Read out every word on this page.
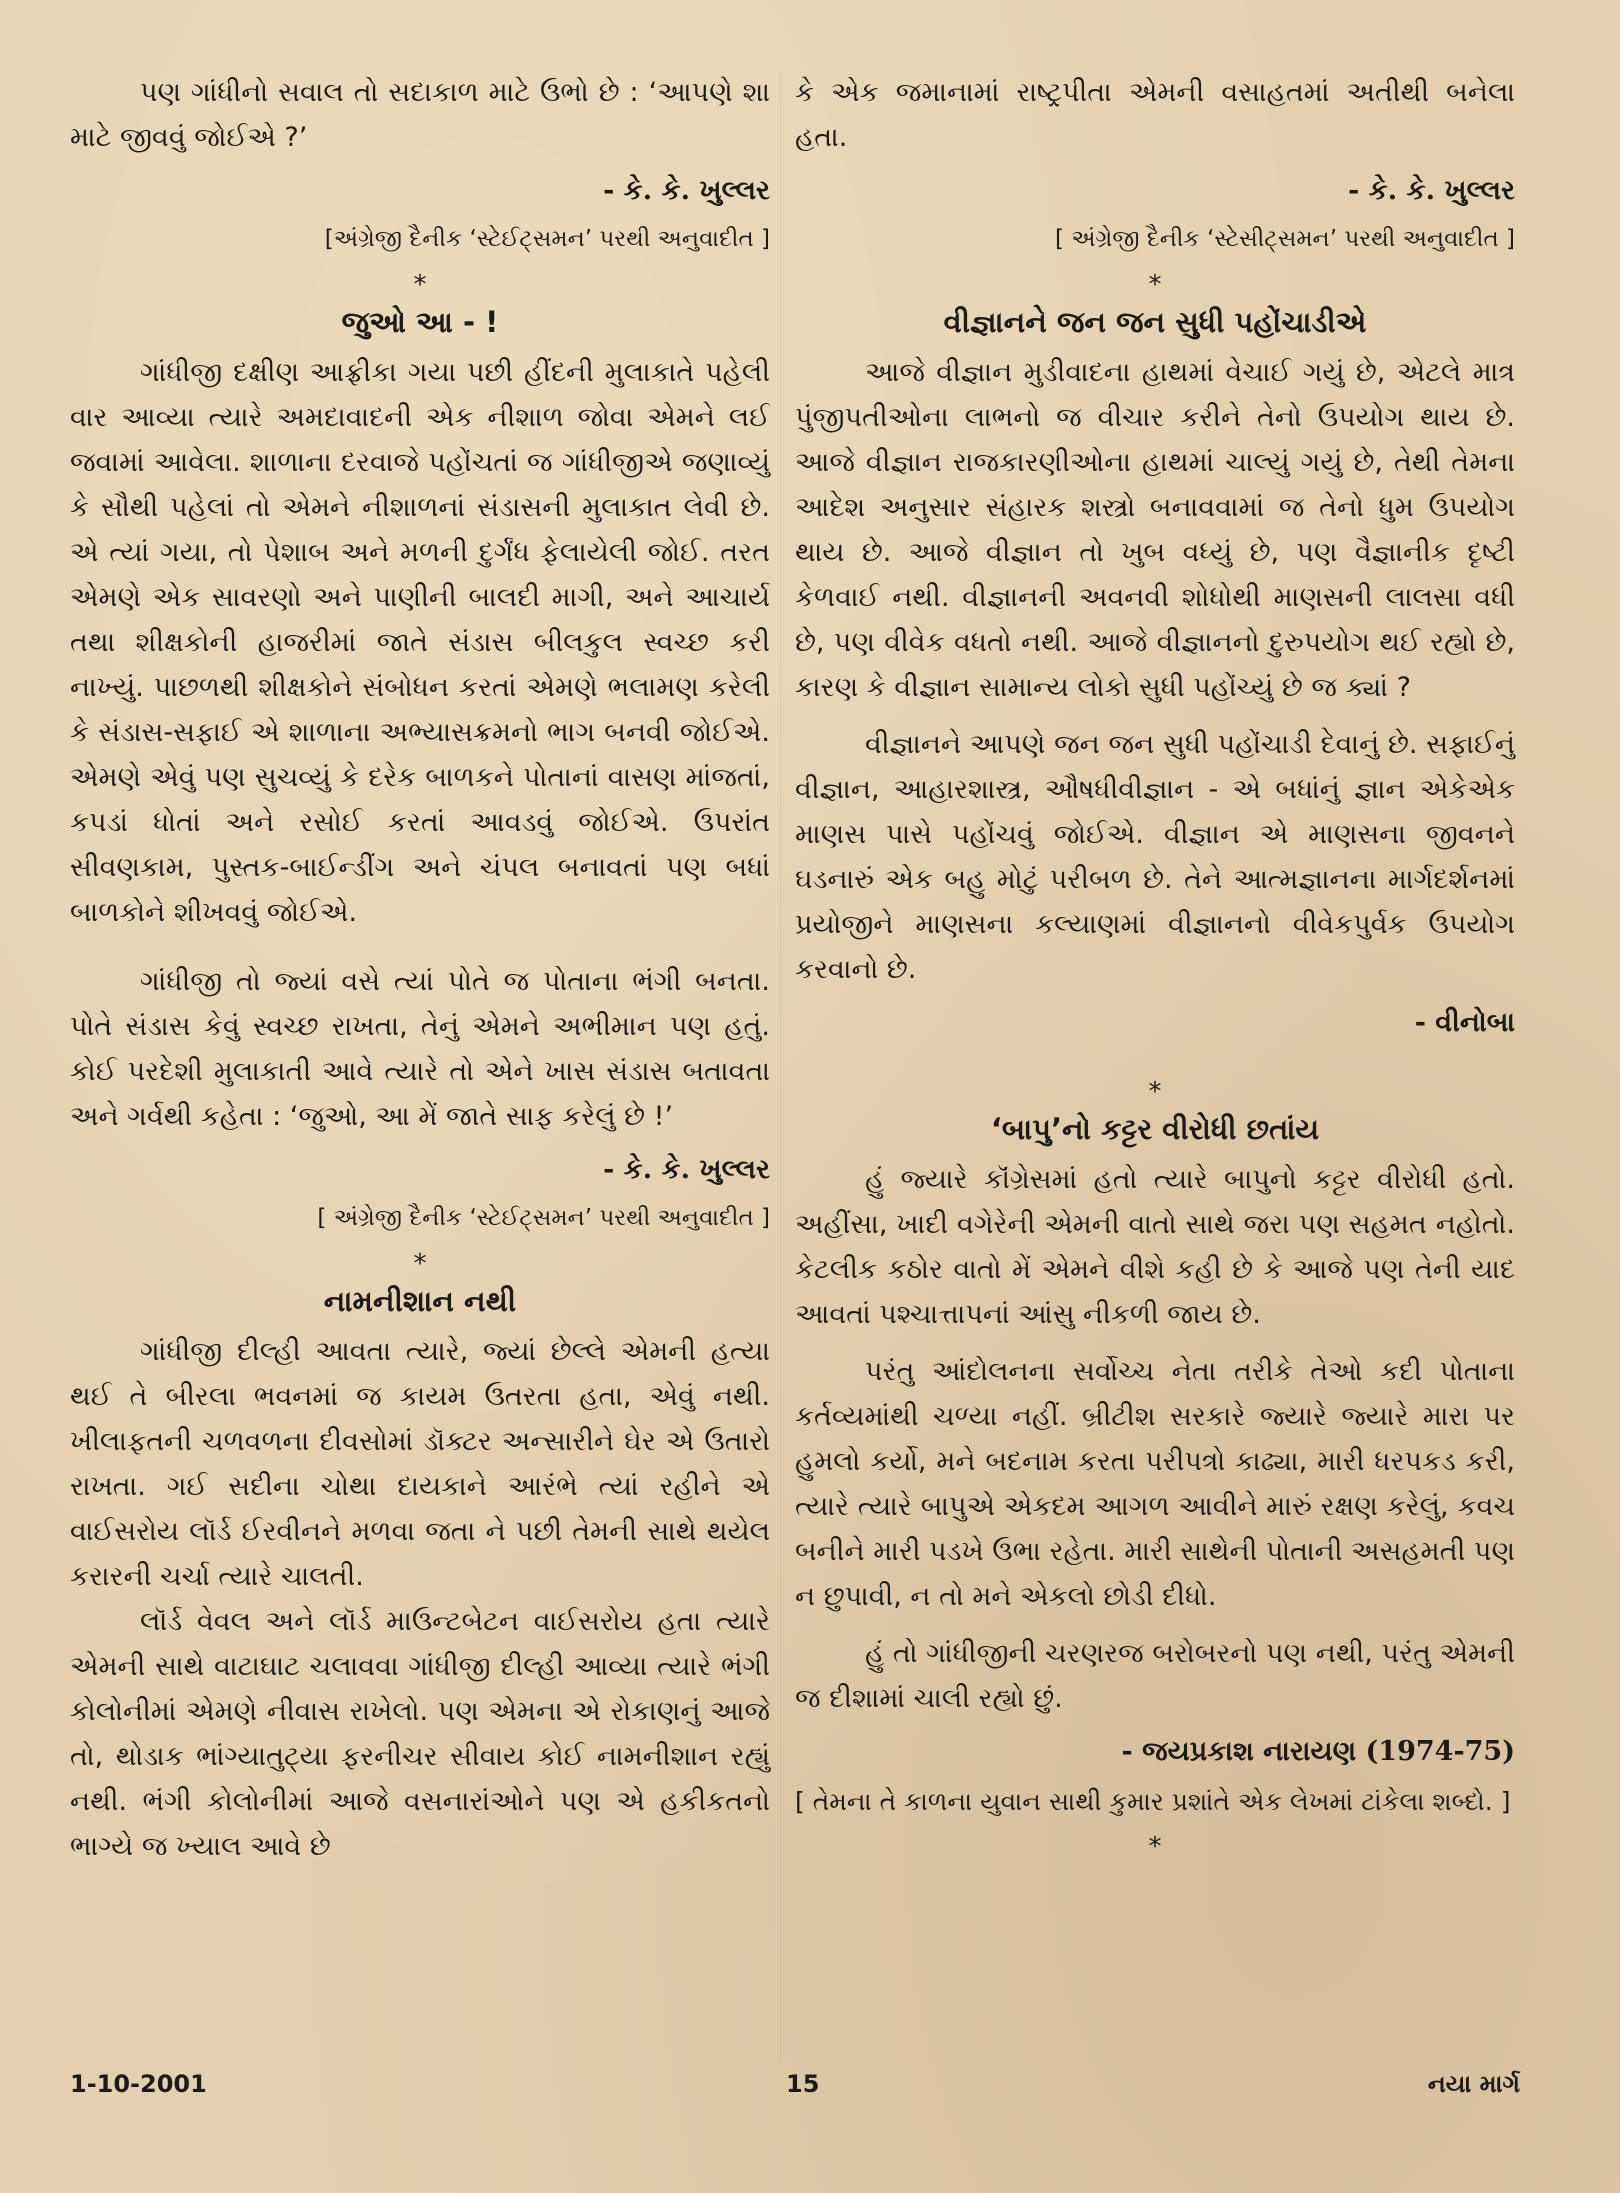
પણ ગાંધીનો સવાલ તો સદાકાળ માટે ઉભો છે : ‘આપણે શા માટે જીવવું જોઈએ ?’

- કે. કે. ખુલ્લર
[અંગ્રેજી દૈનીક ‘સ્ટેઈટ્સમન’ પરથી અનુવાદીત ]
*
જુઓ આ - !

ગાંધીજી દક્ષીણ આફ્રીકા ગયા પછી હીંદની મુલાકાતે પહેલી વાર આવ્યા ત્યારે અમદાવાદની એક નીશાળ જોવા એમને લઈ જવામાં આવેલા. શાળાના દરવાજે પહોંચતાં જ ગાંધીજીએ જણાવ્યું કે સૌથી પહેલાં તો એમને નીશાળનાં સંડાસની મુલાકાત લેવી છે. એ ત્યાં ગયા, તો પેશાબ અને મળની દુર્ગંધ ફેલાયેલી જોઈ. તરત એમણે એક સાવરણો અને પાણીની બાલદી માગી, અને આચાર્ય તથા શીક્ષકોની હાજરીમાં જાતે સંડાસ બીલકુલ સ્વચ્છ કરી નાખ્યું. પાછળથી શીક્ષકોને સંબોધન કરતાં એમણે ભલામણ કરેલી કે સંડાસ-સફાઈ એ શાળાના અભ્યાસક્રમનો ભાગ બનવી જોઈએ. એમણે એવું પણ સુચવ્યું કે દરેક બાળકને પોતાનાં વાસણ માંજતાં, કપડાં ધોતાં અને રસોઈ કરતાં આવડવું જોઈએ. ઉપરાંત સીવણકામ, પુસ્તક-બાઈન્ડીંગ અને ચંપલ બનાવતાં પણ બધાં બાળકોને શીખવવું જોઈએ.

ગાંધીજી તો જ્યાં વસે ત્યાં પોતે જ પોતાના ભંગી બનતા. પોતે સંડાસ કેવું સ્વચ્છ રાખતા, તેનું એમને અભીમાન પણ હતું. કોઈ પરદેશી મુલાકાતી આવે ત્યારે તો એને ખાસ સંડાસ બતાવતા અને ગર્વથી કહેતા : ‘જુઓ, આ મેં જાતે સાફ કરેલું છે !’

- કે. કે. ખુલ્લર
[ અંગ્રેજી દૈનીક ‘સ્ટેઈટ્સમન’ પરથી અનુવાદીત ]
*
નામનીશાન નથી

ગાંધીજી દીલ્હી આવતા ત્યારે, જ્યાં છેલ્લે એમની હત્યા થઈ તે બીરલા ભવનમાં જ કાયમ ઉતરતા હતા, એવું નથી. ખીલાફતની ચળવળના દીવસોમાં ડૉક્ટર અન્સારીને ઘેર એ ઉતારો રાખતા. ગઈ સદીના ચોથા દાયકાને આરંભે ત્યાં રહીને એ વાઈસરોય લૉર્ડ ઈરવીનને મળવા જતા ને પછી તેમની સાથે થયેલ કરારની ચર્ચા ત્યારે ચાલતી.

લૉર્ડ વેવલ અને લૉર્ડ માઉન્ટબેટન વાઈસરોય હતા ત્યારે એમની સાથે વાટાઘાટ ચલાવવા ગાંધીજી દીલ્હી આવ્યા ત્યારે ભંગી કોલોનીમાં એમણે નીવાસ રાખેલો. પણ એમના એ રોકાણનું આજે તો, થોડાક ભાંગ્યાતુટ્યા ફરનીચર સીવાય કોઈ નામનીશાન રહ્યું નથી. ભંગી કોલોનીમાં આજે વસનારાંઓને પણ એ હકીકતનો ભાગ્યે જ ખ્યાલ આવે છે

કે એક જમાનામાં રાષ્ટ્રપીતા એમની વસાહતમાં અતીથી બનેલા હતા.

- કે. કે. ખુલ્લર
[ અંગ્રેજી દૈનીક ‘સ્ટેસીટ્સમન’ પરથી અનુવાદીત ]
*
વીજ્ઞાનને જન જન સુધી પહોંચાડીએ

આજે વીજ્ઞાન મુડીવાદના હાથમાં વેચાઈ ગયું છે, એટલે માત્ર પુંજીપતીઓના લાભનો જ વીચાર કરીને તેનો ઉપયોગ થાય છે. આજે વીજ્ઞાન રાજકારણીઓના હાથમાં ચાલ્યું ગયું છે, તેથી તેમના આદેશ અનુસાર સંહારક શસ્ત્રો બનાવવામાં જ તેનો ધુમ ઉપયોગ થાય છે. આજે વીજ્ઞાન તો ખુબ વધ્યું છે, પણ વૈજ્ઞાનીક દૃષ્ટી કેળવાઈ નથી. વીજ્ઞાનની અવનવી શોધોથી માણસની લાલસા વધી છે, પણ વીવેક વધતો નથી. આજે વીજ્ઞાનનો દુરુપયોગ થઈ રહ્યો છે, કારણ કે વીજ્ઞાન સામાન્ય લોકો સુધી પહોંચ્યું છે જ ક્યાં ?

વીજ્ઞાનને આપણે જન જન સુધી પહોંચાડી દેવાનું છે. સફાઈનું વીજ્ઞાન, આહારશાસ્ત્ર, ઔષધીવીજ્ઞાન - એ બધાંનું જ્ઞાન એકેએક માણસ પાસે પહોંચવું જોઈએ. વીજ્ઞાન એ માણસના જીવનને ઘડનારું એક બહુ મોટું પરીબળ છે. તેને આત્મજ્ઞાનના માર્ગદર્શનમાં પ્રયોજીને માણસના કલ્યાણમાં વીજ્ઞાનનો વીવેકપુર્વક ઉપયોગ કરવાનો છે.

- વીનોબા
*
‘બાપુ’નો કટ્ટર વીરોધી છતાંય

હું જ્યારે કૉંગ્રેસમાં હતો ત્યારે બાપુનો કટ્ટર વીરોધી હતો. અહીંસા, ખાદી વગેરેની એમની વાતો સાથે જરા પણ સહમત નહોતો. કેટલીક કઠોર વાતો મેં એમને વીશે કહી છે કે આજે પણ તેની યાદ આવતાં પશ્ચાત્તાપનાં આંસુ નીકળી જાય છે.

પરંતુ આંદોલનના સર્વોચ્ચ નેતા તરીકે તેઓ કદી પોતાના કર્તવ્યમાંથી ચળ્યા નહીં. બ્રીટીશ સરકારે જ્યારે જ્યારે મારા પર હુમલો કર્યો, મને બદનામ કરતા પરીપત્રો કાઢ્યા, મારી ધરપકડ કરી, ત્યારે ત્યારે બાપુએ એકદમ આગળ આવીને મારું રક્ષણ કરેલું, કવચ બનીને મારી પડખે ઉભા રહેતા. મારી સાથેની પોતાની અસહમતી પણ ન છુપાવી, ન તો મને એકલો છોડી દીધો.

હું તો ગાંધીજીની ચરણરજ બરોબરનો પણ નથી, પરંતુ એમની જ દીશામાં ચાલી રહ્યો છું.

- જયપ્રકાશ નારાયણ (1974-75)
[ તેમના તે કાળના યુવાન સાથી કુમાર પ્રશાંતે એક લેખમાં ટાંકેલા શબ્દો. ]
*
1-10-2001	15	નયા માર્ગ
